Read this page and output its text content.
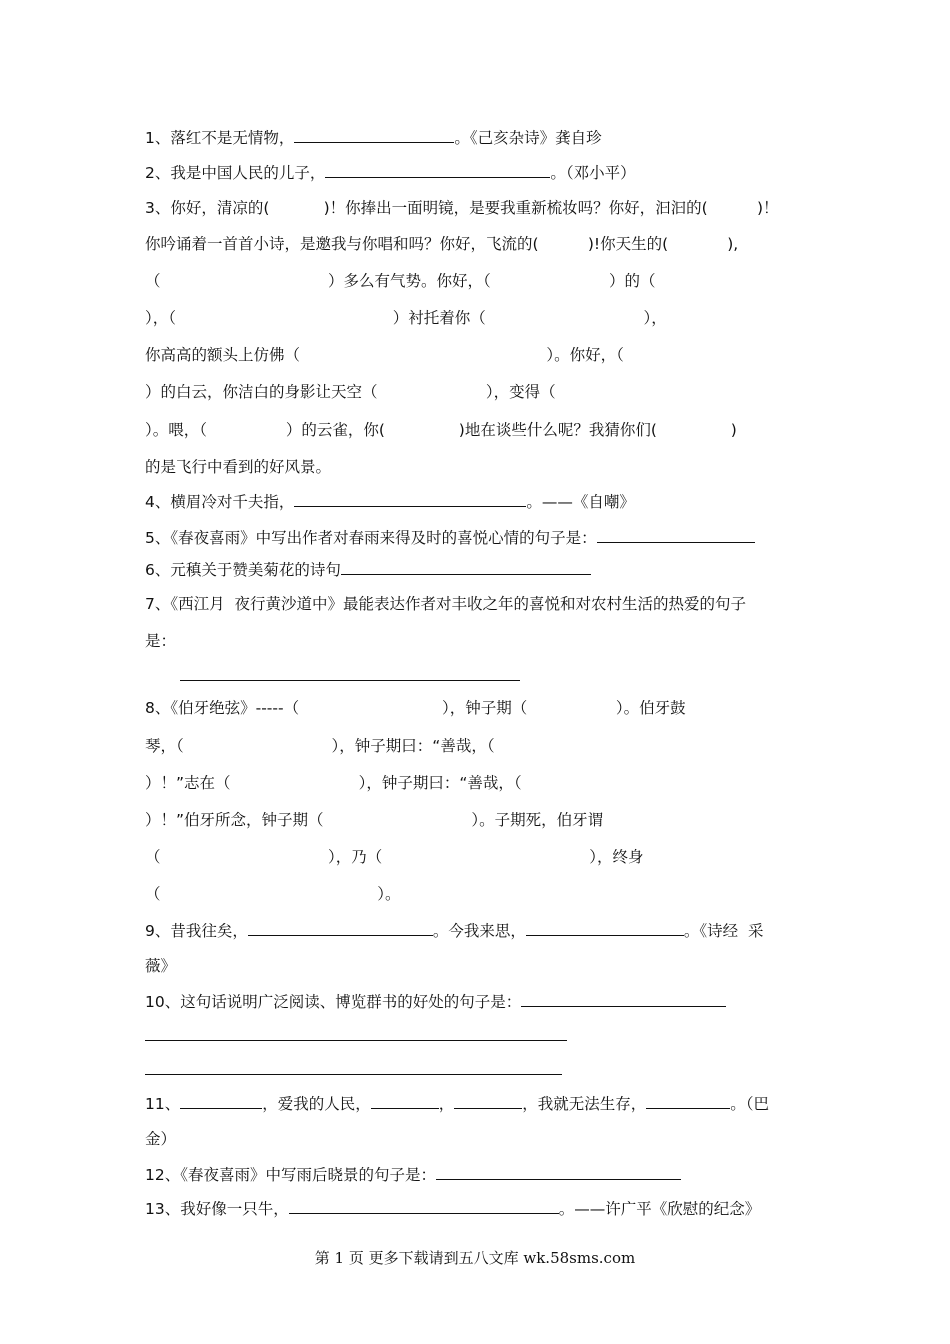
1、落红不是无情物，	。《己亥杂诗》龚自珍
2、我是中国人民的儿子，	。（邓小平）
3、你好，清凉的(           )！你捧出一面明镜，是要我重新梳妆吗？你好，汩汩的(          )！
你吟诵着一首首小诗，是邀我与你唱和吗？你好，飞流的(          )!你天生的(            ),
（                                  ）多么有气势。你好，（                        ）的（
），（                                            ）衬托着你（                                ），
你高高的额头上仿佛（                                                  ）。你好，（
）的白云，你洁白的身影让天空（                      ），变得（
）。喂，（                ）的云雀，你(               )地在谈些什么呢？我猜你们(               )
的是飞行中看到的好风景。
4、横眉冷对千夫指，	。——《自嘲》
5、《春夜喜雨》中写出作者对春雨来得及时的喜悦心情的句子是：
6、元稹关于赞美菊花的诗句
7、《西江月  夜行黄沙道中》最能表达作者对丰收之年的喜悦和对农村生活的热爱的句子
是：
8、《伯牙绝弦》-----（                             ），钟子期（                  ）。伯牙鼓
琴，（                              ），钟子期曰：“善哉，（
）！”志在（                          ），钟子期曰：“善哉，（
）！”伯牙所念，钟子期（                              ）。子期死，伯牙谓
（                                  ），乃（                                          ），终身
（                                            ）。
9、昔我往矣，	。今我来思，	。《诗经  采
薇》
10、这句话说明广泛阅读、博览群书的好处的句子是：
11、	，爱我的人民，	，	，我就无法生存，	。（巴
金）
12、《春夜喜雨》中写雨后晓景的句子是：
13、我好像一只牛，	。——许广平《欣慰的纪念》
第 1 页 更多下载请到五八文库 wk.58sms.com
